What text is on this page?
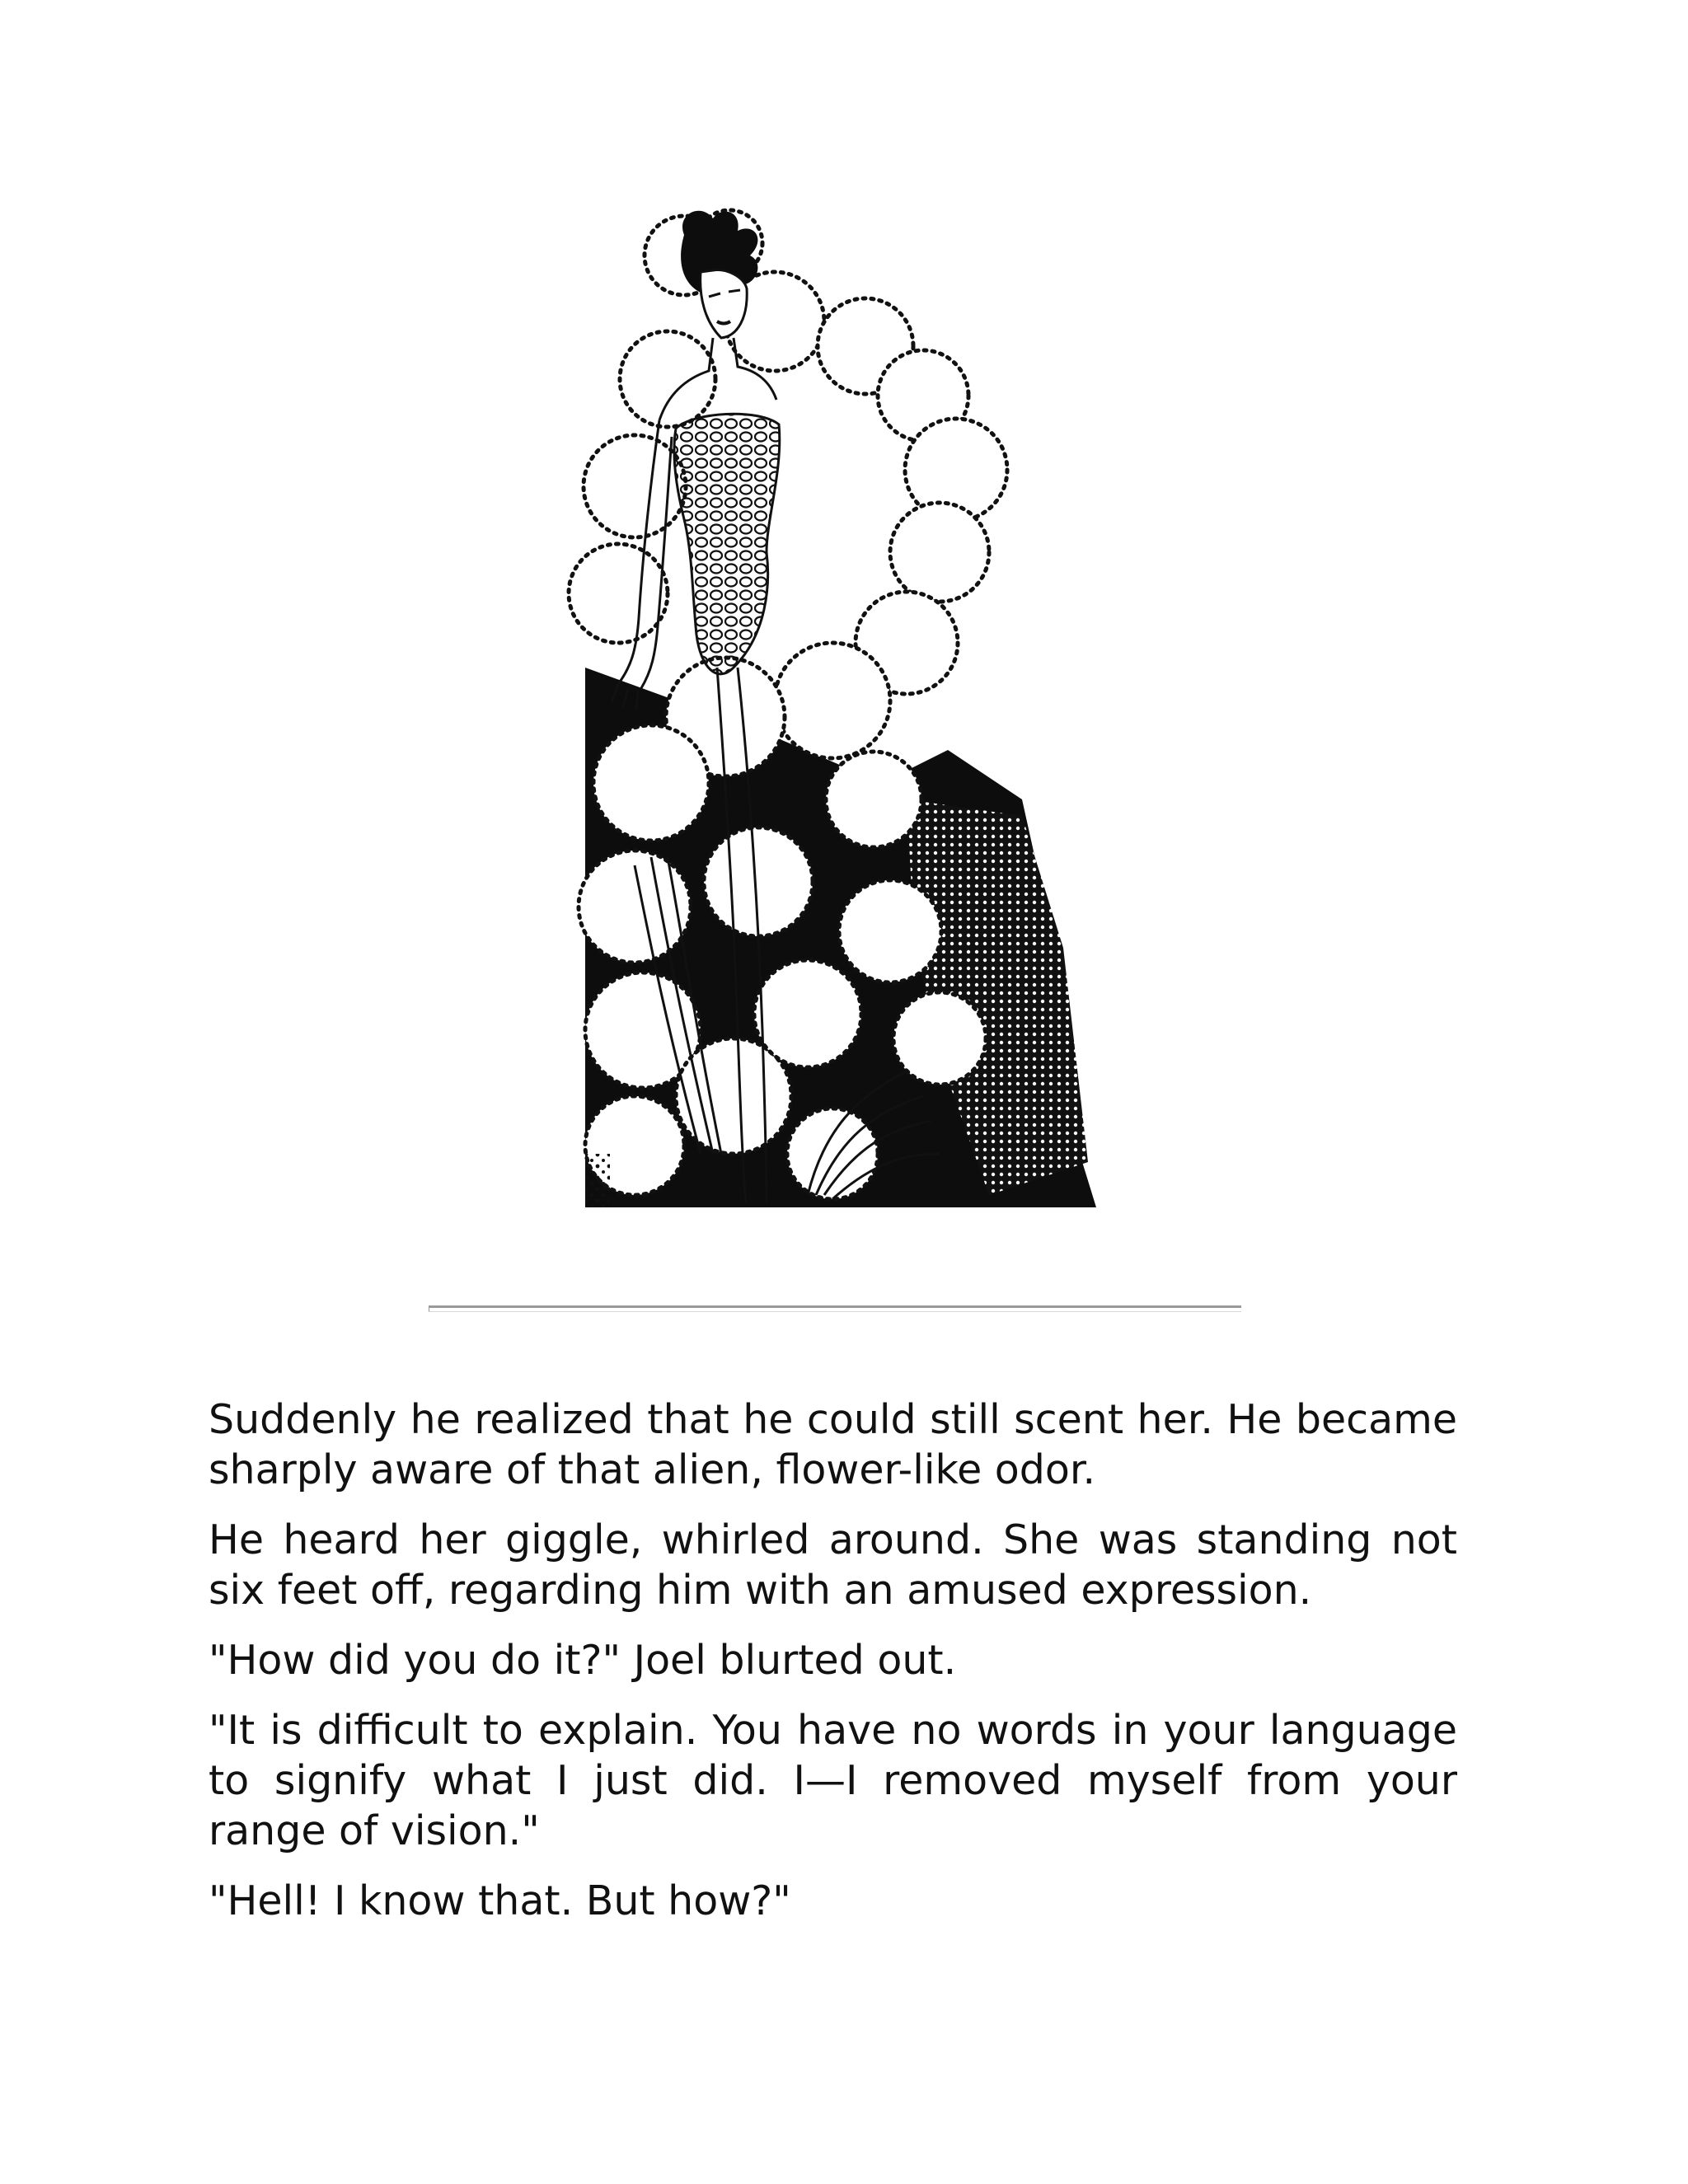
Suddenly he realized that he could still scent her. He became sharply aware of that alien, flower-like odor.

He heard her giggle, whirled around. She was standing not six feet off, regarding him with an amused expression.

"How did you do it?" Joel blurted out.

"It is difficult to explain. You have no words in your language to signify what I just did. I—I removed myself from your range of vision."

"Hell! I know that. But how?"
